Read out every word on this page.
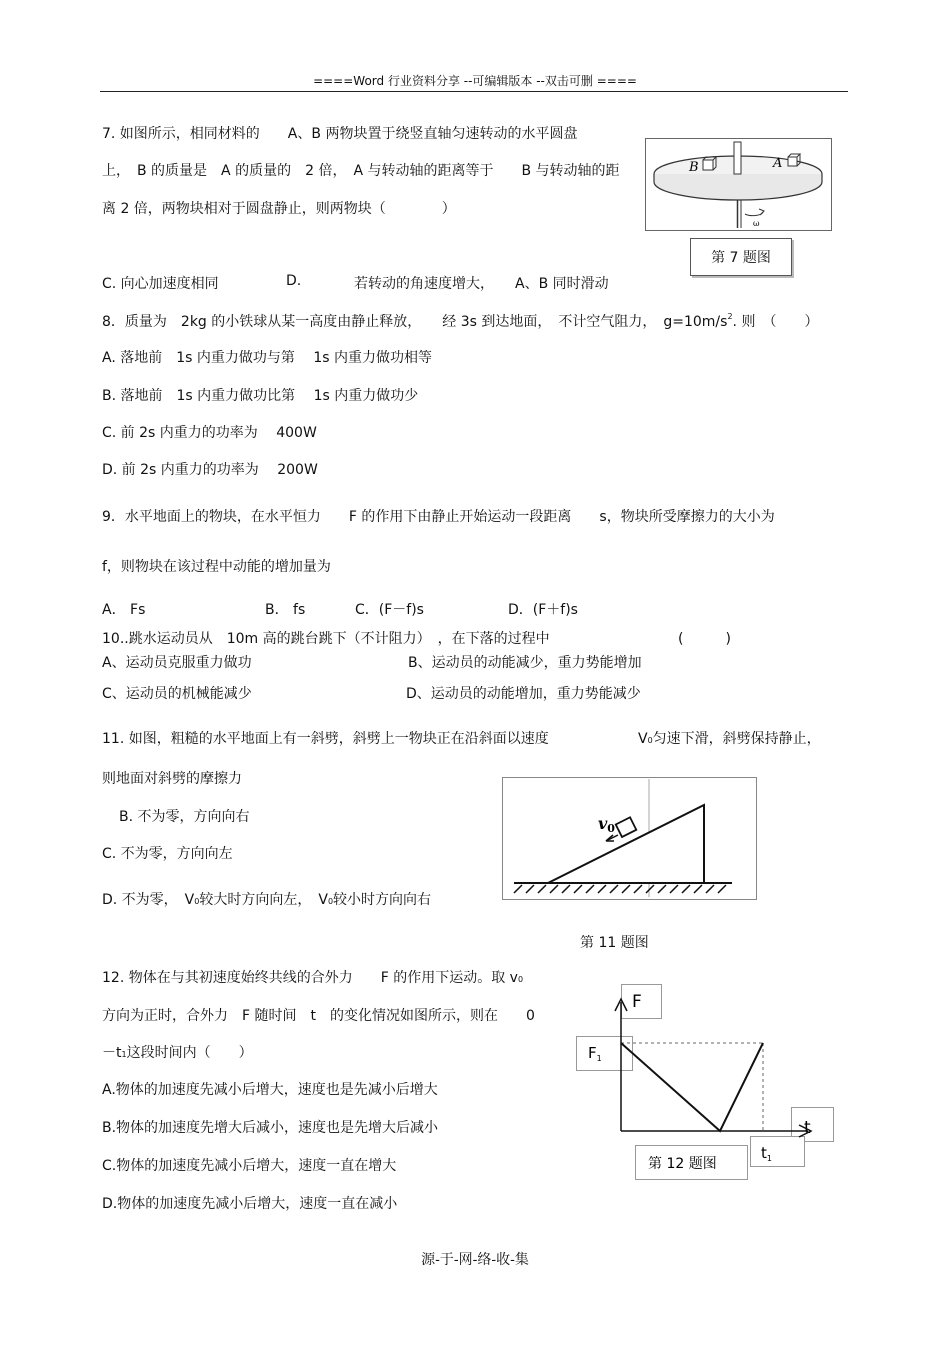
====Word 行业资料分享 --可编辑版本 --双击可删 ====
7. 如图所示，相同材料的　　A、B 两物块置于绕竖直轴匀速转动的水平圆盘
上，　B 的质量是　A 的质量的　2 倍，　A 与转动轴的距离等于　　B 与转动轴的距
离 2 倍，两物块相对于圆盘静止，则两物块（　　　　）
C. 向心加速度相同	D.	若转动的角速度增大，　　A、B 同时滑动
B	A
ω
第 7 题图
8．质量为　2kg 的小铁球从某一高度由静止释放，　　经 3s 到达地面，　不计空气阻力，　$g=10m/s^2$. 则　（　　）
A. 落地前　1s 内重力做功与第　 1s 内重力做功相等
B. 落地前　1s 内重力做功比第　 1s 内重力做功少
C. 前 2s 内重力的功率为　 400W
D. 前 2s 内重力的功率为　 200W
9．水平地面上的物块，在水平恒力　　F 的作用下由静止开始运动一段距离　　s，物块所受摩擦力的大小为
f，则物块在该过程中动能的增加量为
A． Fs	B． fs	C．(F－f)s	D．(F＋f)s
10..跳水运动员从　10m 高的跳台跳下（不计阻力）　，在下落的过程中	(　　　)
A、运动员克服重力做功	B、运动员的动能减少，重力势能增加
C、运动员的机械能减少	D、运动员的动能增加，重力势能减少
11. 如图，粗糙的水平地面上有一斜劈，斜劈上一物块正在沿斜面以速度	V0匀速下滑，斜劈保持静止，
则地面对斜劈的摩擦力
B. 不为零，方向向右
C. 不为零，方向向左
D. 不为零，　V0较大时方向向左，　V0较小时方向向右
v0
第 11 题图
12. 物体在与其初速度始终共线的合外力　　F 的作用下运动。取 v0
方向为正时，合外力　F 随时间　t　的变化情况如图所示，则在　　0
－t1这段时间内（　　）
A.物体的加速度先减小后增大，速度也是先减小后增大
B.物体的加速度先增大后减小，速度也是先增大后减小
C.物体的加速度先减小后增大，速度一直在增大
D.物体的加速度先减小后增大，速度一直在减小
F
$F_1$
t
$t_1$
第 12 题图
源-于-网-络-收-集
